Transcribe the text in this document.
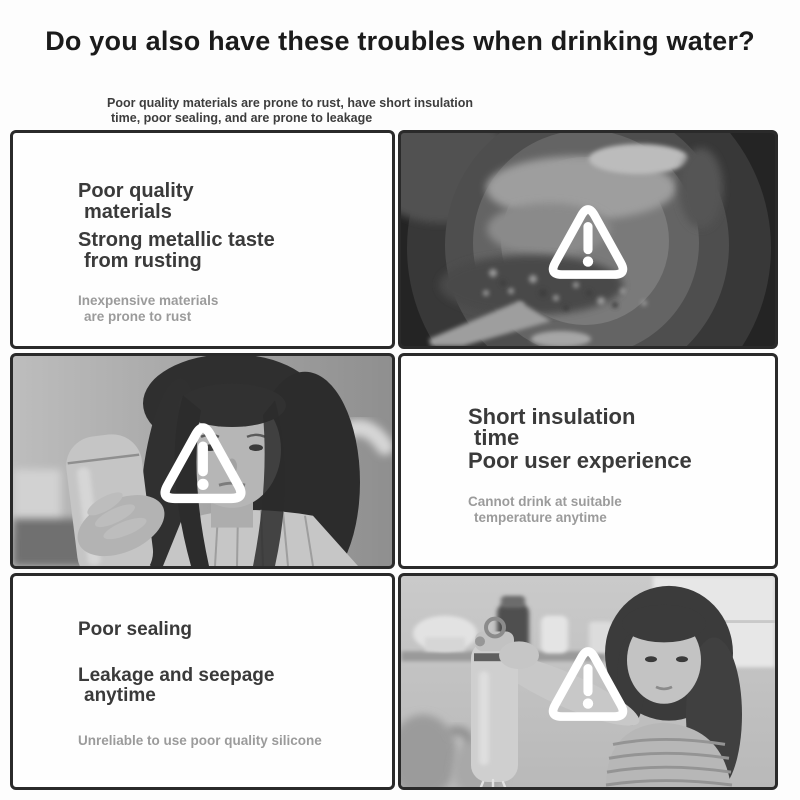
Do you also have these troubles when drinking water?
Poor quality materials are prone to rust, have short insulation
time, poor sealing, and are prone to leakage
Poor quality
materials
Strong metallic taste
from rusting
Inexpensive materials
are prone to rust
Short insulation
time
Poor user experience
Cannot drink at suitable
temperature anytime
Poor sealing
Leakage and seepage
anytime
Unreliable to use poor quality silicone
